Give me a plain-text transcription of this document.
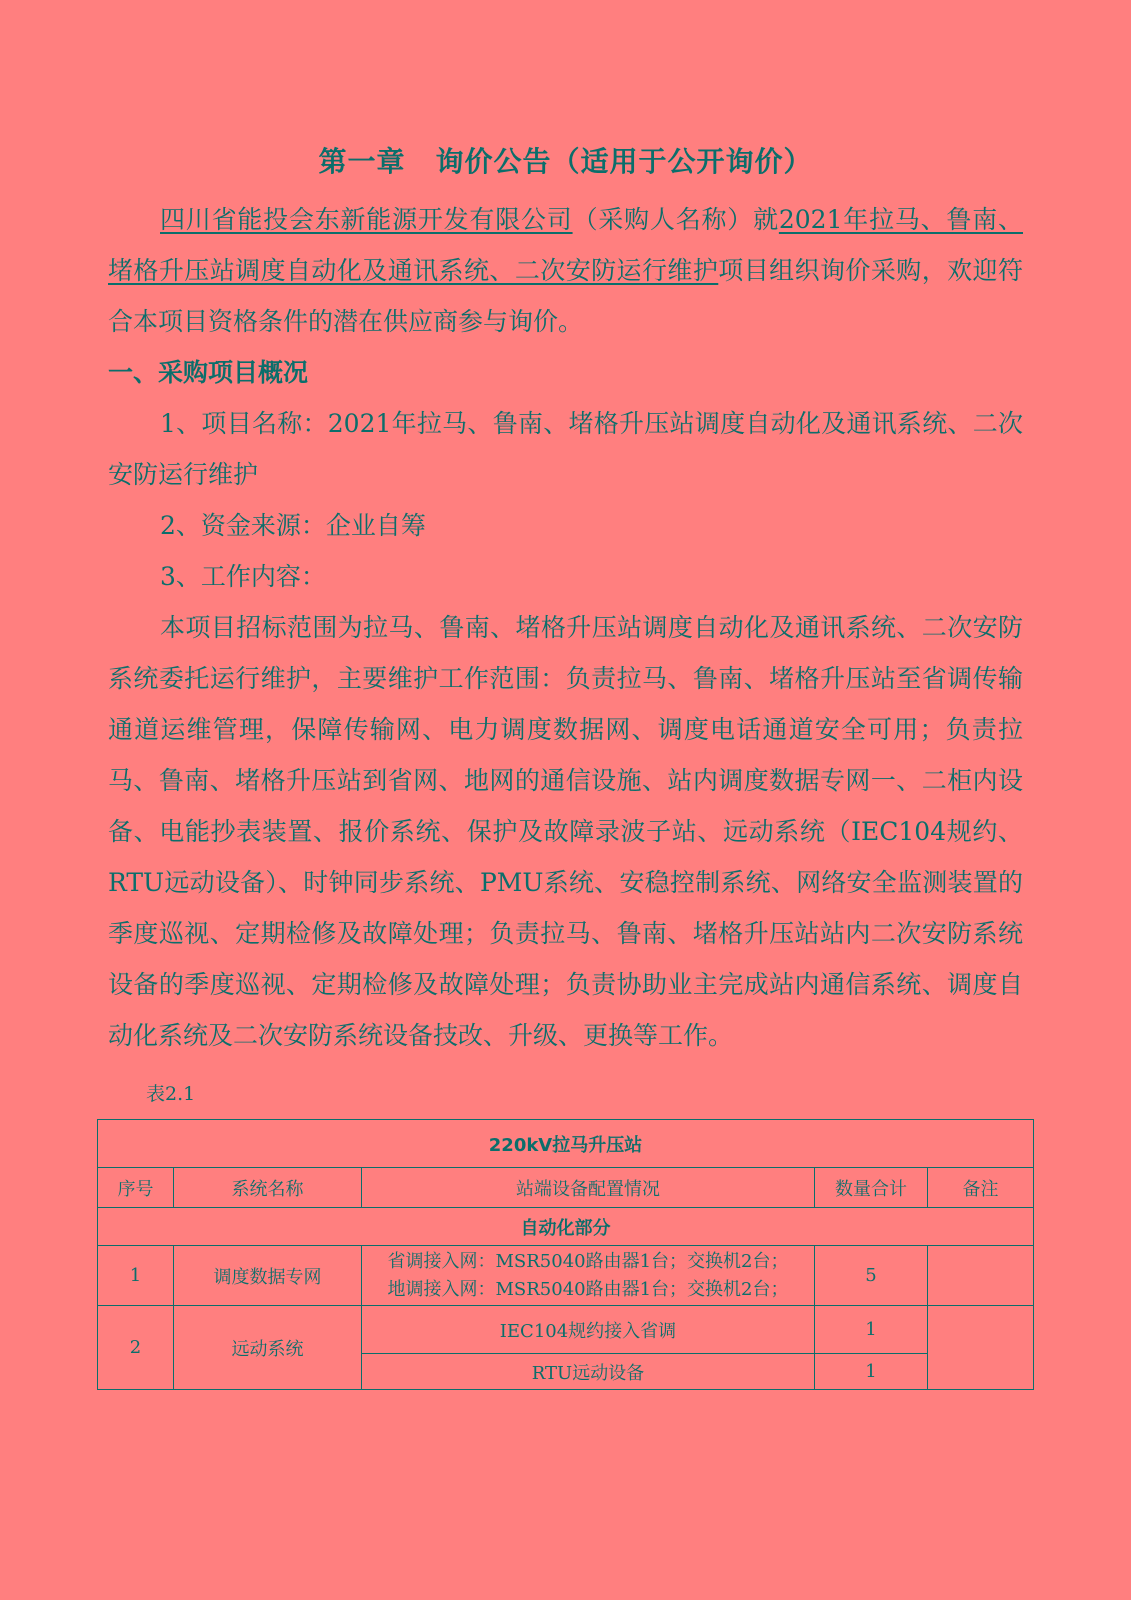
第一章 询价公告（适用于公开询价）

四川省能投会东新能源开发有限公司（采购人名称）就2021年拉马、鲁南、堵格升压站调度自动化及通讯系统、二次安防运行维护项目组织询价采购，欢迎符合本项目资格条件的潜在供应商参与询价。

一、采购项目概况

1、项目名称：2021年拉马、鲁南、堵格升压站调度自动化及通讯系统、二次安防运行维护

2、资金来源：企业自筹

3、工作内容：

本项目招标范围为拉马、鲁南、堵格升压站调度自动化及通讯系统、二次安防系统委托运行维护，主要维护工作范围：负责拉马、鲁南、堵格升压站至省调传输通道运维管理，保障传输网、电力调度数据网、调度电话通道安全可用；负责拉马、鲁南、堵格升压站到省网、地网的通信设施、站内调度数据专网一、二柜内设备、电能抄表装置、报价系统、保护及故障录波子站、远动系统（IEC104规约、RTU远动设备）、时钟同步系统、PMU系统、安稳控制系统、网络安全监测装置的季度巡视、定期检修及故障处理；负责拉马、鲁南、堵格升压站站内二次安防系统设备的季度巡视、定期检修及故障处理；负责协助业主完成站内通信系统、调度自动化系统及二次安防系统设备技改、升级、更换等工作。

表2.1
220kV拉马升压站				
序号	系统名称	站端设备配置情况	数量合计	备注
自动化部分				
1	调度数据专网	省调接入网：MSR5040路由器1台；交换机2台；
地调接入网：MSR5040路由器1台；交换机2台；	5	
2	远动系统	IEC104规约接入省调	1	
		RTU远动设备	1	
